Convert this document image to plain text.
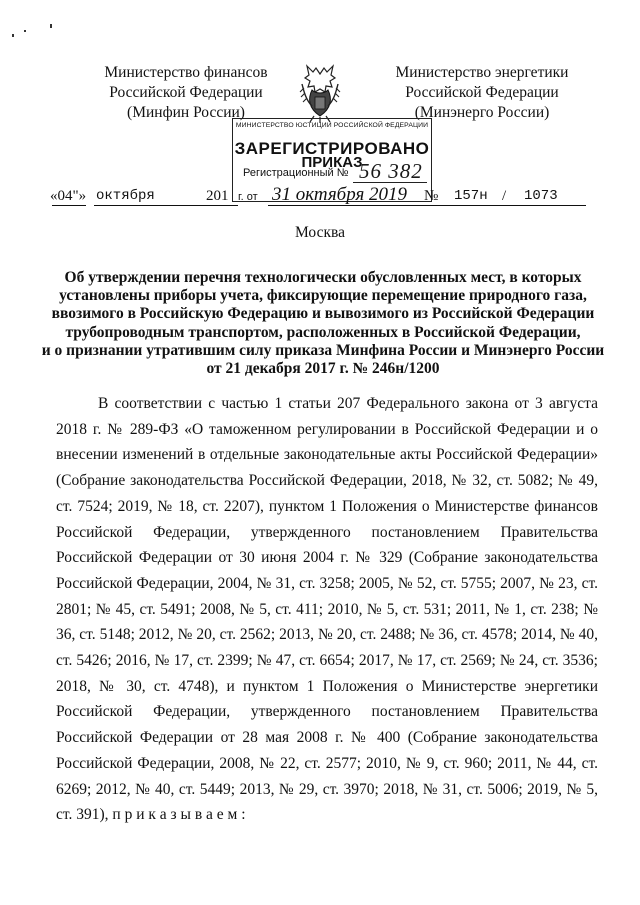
Министерство финансов
Российской Федерации
(Минфин России)
Министерство энергетики
Российской Федерации
(Минэнерго России)
МИНИСТЕРСТВО ЮСТИЦИИ РОССИЙСКОЙ ФЕДЕРАЦИИ
ЗАРЕГИСТРИРОВАНО
ПРИКАЗ
Регистрационный № 56 382
«04"» октября	201 г. от 31 октября 2019 № 157н / 1073
Москва
Об утверждении перечня технологически обусловленных мест, в которых
установлены приборы учета, фиксирующие перемещение природного газа,
ввозимого в Российскую Федерацию и вывозимого из Российской Федерации
трубопроводным транспортом, расположенных в Российской Федерации,
и о признании утратившим силу приказа Минфина России и Минэнерго России
от 21 декабря 2017 г. № 246н/1200
В соответствии с частью 1 статьи 207 Федерального закона от 3 августа 2018 г. № 289-ФЗ «О таможенном регулировании в Российской Федерации и о внесении изменений в отдельные законодательные акты Российской Федерации» (Собрание законодательства Российской Федерации, 2018, № 32, ст. 5082; № 49, ст. 7524; 2019, № 18, ст. 2207), пунктом 1 Положения о Министерстве финансов Российской Федерации, утвержденного постановлением Правительства Российской Федерации от 30 июня 2004 г. № 329 (Собрание законодательства Российской Федерации, 2004, № 31, ст. 3258; 2005, № 52, ст. 5755; 2007, № 23, ст. 2801; № 45, ст. 5491; 2008, № 5, ст. 411; 2010, № 5, ст. 531; 2011, № 1, ст. 238; № 36, ст. 5148; 2012, № 20, ст. 2562; 2013, № 20, ст. 2488; № 36, ст. 4578; 2014, № 40, ст. 5426; 2016, № 17, ст. 2399; № 47, ст. 6654; 2017, № 17, ст. 2569; № 24, ст. 3536; 2018, № 30, ст. 4748), и пунктом 1 Положения о Министерстве энергетики Российской Федерации, утвержденного постановлением Правительства Российской Федерации от 28 мая 2008 г. № 400 (Собрание законодательства Российской Федерации, 2008, № 22, ст. 2577; 2010, № 9, ст. 960; 2011, № 44, ст. 6269; 2012, № 40, ст. 5449; 2013, № 29, ст. 3970; 2018, № 31, ст. 5006; 2019, № 5, ст. 391), п р и к а з ы в а е м :
